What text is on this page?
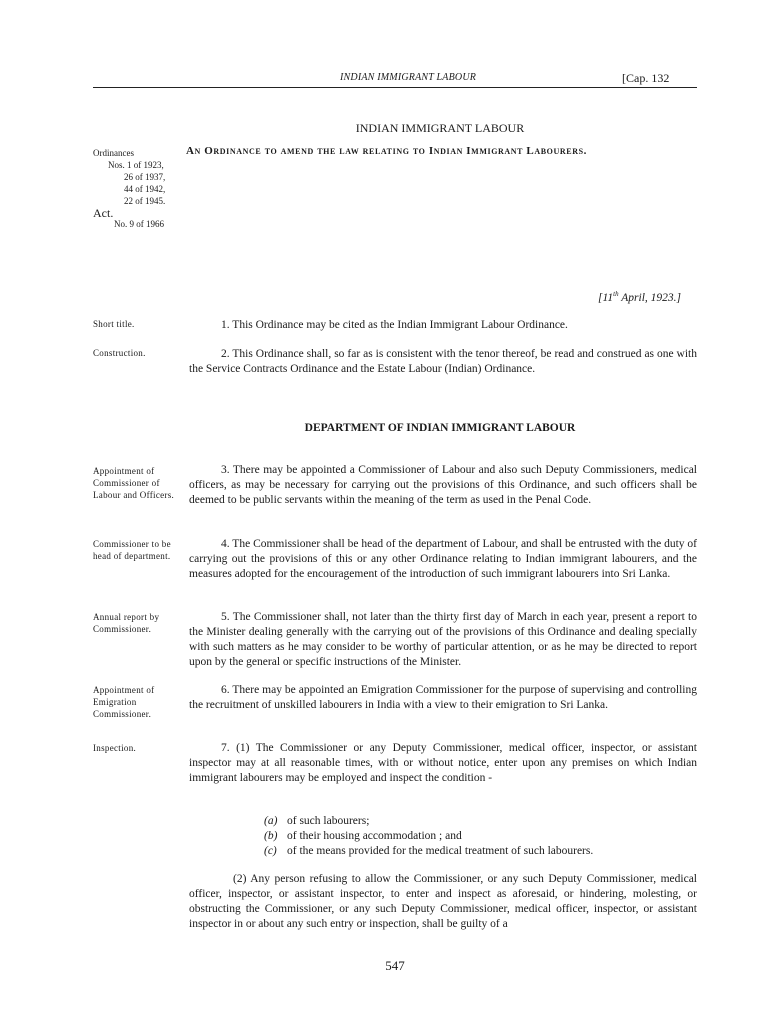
INDIAN IMMIGRANT LABOUR	[Cap. 132
INDIAN IMMIGRANT LABOUR
An Ordinance to amend the law relating to Indian Immigrant Labourers.
Ordinances
Nos. 1 of 1923,
26 of 1937,
44 of 1942,
22 of 1945.
Act.
No. 9 of 1966
[11th April, 1923.]
Short title.	1. This Ordinance may be cited as the Indian Immigrant Labour Ordinance.
Construction.	2. This Ordinance shall, so far as is consistent with the tenor thereof, be read and construed as one with the Service Contracts Ordinance and the Estate Labour (Indian) Ordinance.
DEPARTMENT OF INDIAN IMMIGRANT LABOUR
Appointment of Commissioner of Labour and Officers.
3. There may be appointed a Commissioner of Labour and also such Deputy Commissioners, medical officers, as may be necessary for carrying out the provisions of this Ordinance, and such officers shall be deemed to be public servants within the meaning of the term as used in the Penal Code.
Commissioner to be head of department.
4. The Commissioner shall be head of the department of Labour, and shall be entrusted with the duty of carrying out the provisions of this or any other Ordinance relating to Indian immigrant labourers, and the measures adopted for the encouragement of the introduction of such immigrant labourers into Sri Lanka.
Annual report by Commissioner.
5. The Commissioner shall, not later than the thirty first day of March in each year, present a report to the Minister dealing generally with the carrying out of the provisions of this Ordinance and dealing specially with such matters as he may consider to be worthy of particular attention, or as he may be directed to report upon by the general or specific instructions of the Minister.
Appointment of Emigration Commissioner.
6. There may be appointed an Emigration Commissioner for the purpose of supervising and controlling the recruitment of unskilled labourers in India with a view to their emigration to Sri Lanka.
Inspection.	7. (1) The Commissioner or any Deputy Commissioner, medical officer, inspector, or assistant inspector may at all reasonable times, with or without notice, enter upon any premises on which Indian immigrant labourers may be employed and inspect the condition -
(a) of such labourers;
(b) of their housing accommodation ; and
(c) of the means provided for the medical treatment of such labourers.
(2) Any person refusing to allow the Commissioner, or any such Deputy Commissioner, medical officer, inspector, or assistant inspector, to enter and inspect as aforesaid, or hindering, molesting, or obstructing the Commissioner, or any such Deputy Commissioner, medical officer, inspector, or assistant inspector in or about any such entry or inspection, shall be guilty of a
547
